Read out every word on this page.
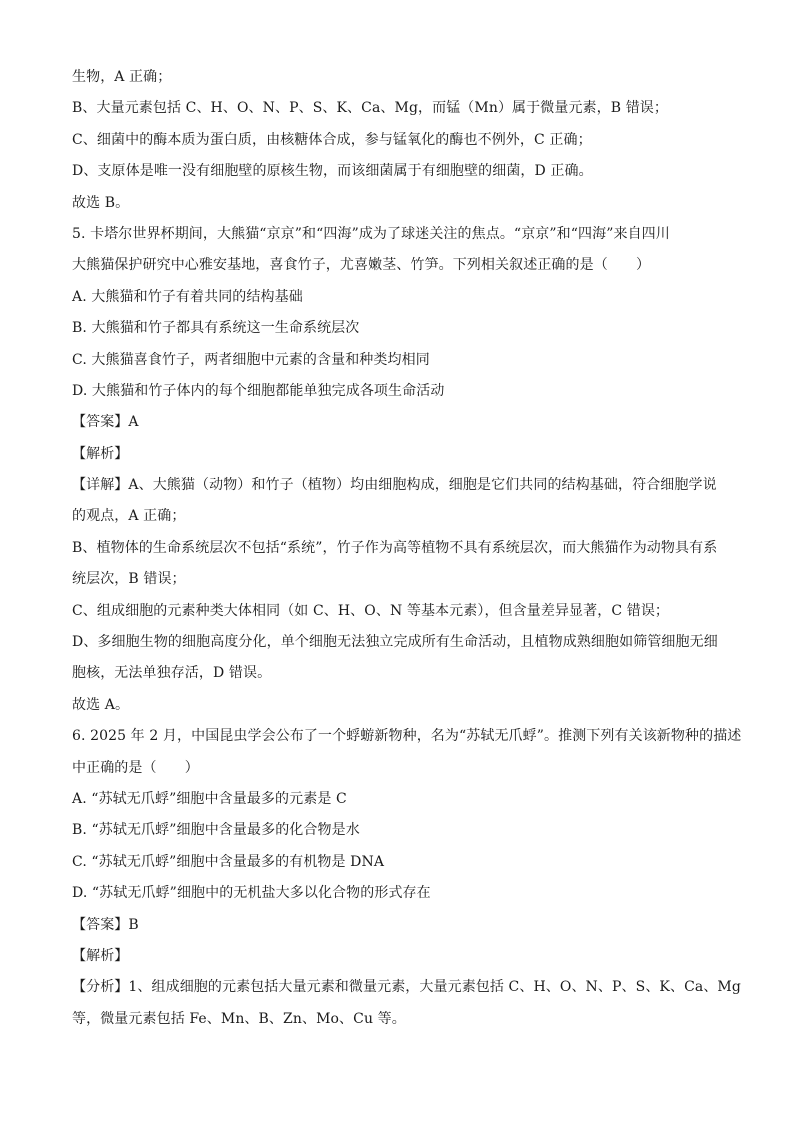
生物，A 正确；
B、大量元素包括 C、H、O、N、P、S、K、Ca、Mg，而锰（Mn）属于微量元素，B 错误；
C、细菌中的酶本质为蛋白质，由核糖体合成，参与锰氧化的酶也不例外，C 正确；
D、支原体是唯一没有细胞壁的原核生物，而该细菌属于有细胞壁的细菌，D 正确。
故选 B。
5. 卡塔尔世界杯期间，大熊猫“京京”和“四海”成为了球迷关注的焦点。“京京”和“四海”来自四川
大熊猫保护研究中心雅安基地，喜食竹子，尤喜嫩茎、竹笋。下列相关叙述正确的是（　　）
A. 大熊猫和竹子有着共同的结构基础
B. 大熊猫和竹子都具有系统这一生命系统层次
C. 大熊猫喜食竹子，两者细胞中元素的含量和种类均相同
D. 大熊猫和竹子体内的每个细胞都能单独完成各项生命活动
【答案】A
【解析】
【详解】A、大熊猫（动物）和竹子（植物）均由细胞构成，细胞是它们共同的结构基础，符合细胞学说
的观点，A 正确；
B、植物体的生命系统层次不包括“系统”，竹子作为高等植物不具有系统层次，而大熊猫作为动物具有系
统层次，B 错误；
C、组成细胞的元素种类大体相同（如 C、H、O、N 等基本元素），但含量差异显著，C 错误；
D、多细胞生物的细胞高度分化，单个细胞无法独立完成所有生命活动，且植物成熟细胞如筛管细胞无细
胞核，无法单独存活，D 错误。
故选 A。
6. 2025 年 2 月，中国昆虫学会公布了一个蜉蝣新物种，名为“苏轼无爪蜉”。推测下列有关该新物种的描述
中正确的是（　　）
A. “苏轼无爪蜉”细胞中含量最多的元素是 C
B. “苏轼无爪蜉”细胞中含量最多的化合物是水
C. “苏轼无爪蜉”细胞中含量最多的有机物是 DNA
D. “苏轼无爪蜉”细胞中的无机盐大多以化合物的形式存在
【答案】B
【解析】
【分析】1、组成细胞的元素包括大量元素和微量元素，大量元素包括 C、H、O、N、P、S、K、Ca、Mg
等，微量元素包括 Fe、Mn、B、Zn、Mo、Cu 等。
